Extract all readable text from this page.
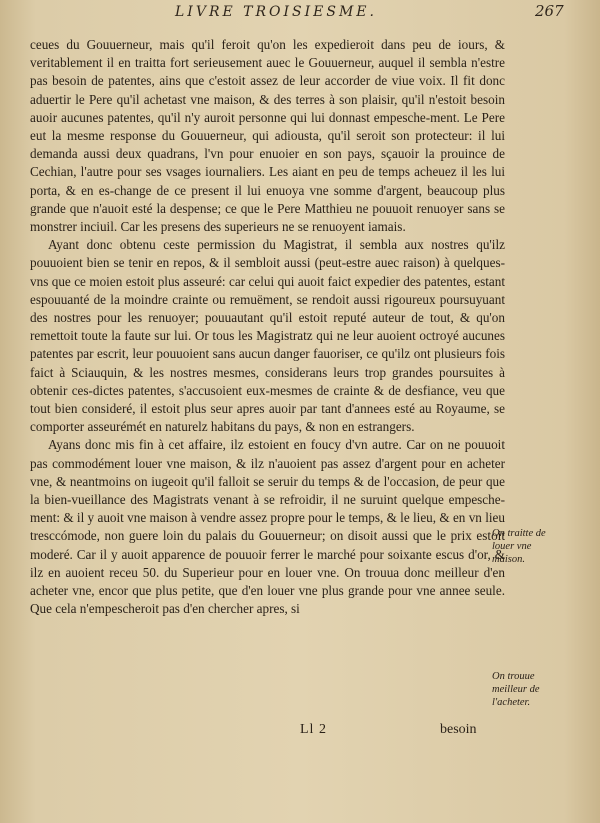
LIVRE TROISIESME.	267

ceues du Gouuerneur, mais qu'il feroit qu'on les expedieroit dans peu de iours, & veritablement il en traitta fort serieusement auec le Gouuerneur, auquel il sembla n'estre pas besoin de patentes, ains que c'estoit assez de leur accorder de viue voix. Il fit donc aduertir le Pere qu'il achetast vne maison, & des terres à son plaisir, qu'il n'estoit besoin auoir aucunes patentes, qu'il n'y auroit personne qui lui donnast empesche-ment. Le Pere eut la mesme response du Gouuerneur, qui adiousta, qu'il seroit son protecteur: il lui demanda aussi deux quadrans, l'vn pour enuoier en son pays, sçauoir la prouince de Cechian, l'autre pour ses vsages iournaliers. Les aiant en peu de temps acheuez il les lui porta, & en es-change de ce present il lui enuoya vne somme d'argent, beaucoup plus grande que n'auoit esté la despense; ce que le Pere Matthieu ne pouuoit renuoyer sans se monstrer inciuil. Car les presens des superieurs ne se renuoyent iamais.

Ayant donc obtenu ceste permission du Magistrat, il sembla aux nostres qu'ilz pouuoient bien se tenir en repos, & il sembloit aussi (peut-estre auec raison) à quelques-vns que ce moien estoit plus asseuré: car celui qui auoit faict expedier des patentes, estant espouuanté de la moindre crainte ou remuëment, se rendoit aussi rigoureux poursuyuant des nostres pour les renuoyer; pouuautant qu'il estoit reputé auteur de tout, & qu'on remettoit toute la faute sur lui. Or tous les Magistratz qui ne leur auoient octroyé aucunes patentes par escrit, leur pouuoient sans aucun danger fauoriser, ce qu'ilz ont plusieurs fois faict à Sciauquin, & les nostres mesmes, considerans leurs trop grandes poursuites à obtenir ces-dictes patentes, s'accusoient eux-mesmes de crainte & de desfiance, veu que tout bien consideré, il estoit plus seur apres auoir par tant d'annees esté au Royaume, se comporter asseurémét en naturelz habitans du pays, & non en estrangers.

Ayans donc mis fin à cet affaire, ilz estoient en foucy d'vn autre. Car on ne pouuoit pas commodément louer vne maison, & ilz n'auoient pas assez d'argent pour en acheter vne, & neantmoins on iugeoit qu'il falloit se seruir du temps & de l'occasion, de peur que la bien-vueillance des Magistrats venant à se refroidir, il ne suruint quelque empesche-ment: & il y auoit vne maison à vendre assez propre pour le temps, & le lieu, & en vn lieu tresccómode, non guere loin du palais du Gouuerneur; on disoit aussi que le prix estoit moderé. Car il y auoit apparence de pouuoir ferrer le marché pour soixante escus d'or, & ilz en auoient receu 50. du Superieur pour en louer vne. On trouua donc meilleur d'en acheter vne, encor que plus petite, que d'en louer vne plus grande pour vne annee seule. Que cela n'empescheroit pas d'en chercher apres, si

On traitte de louer vne maison.
On trouue meilleur de l'acheter.
Ll 2	besoin
